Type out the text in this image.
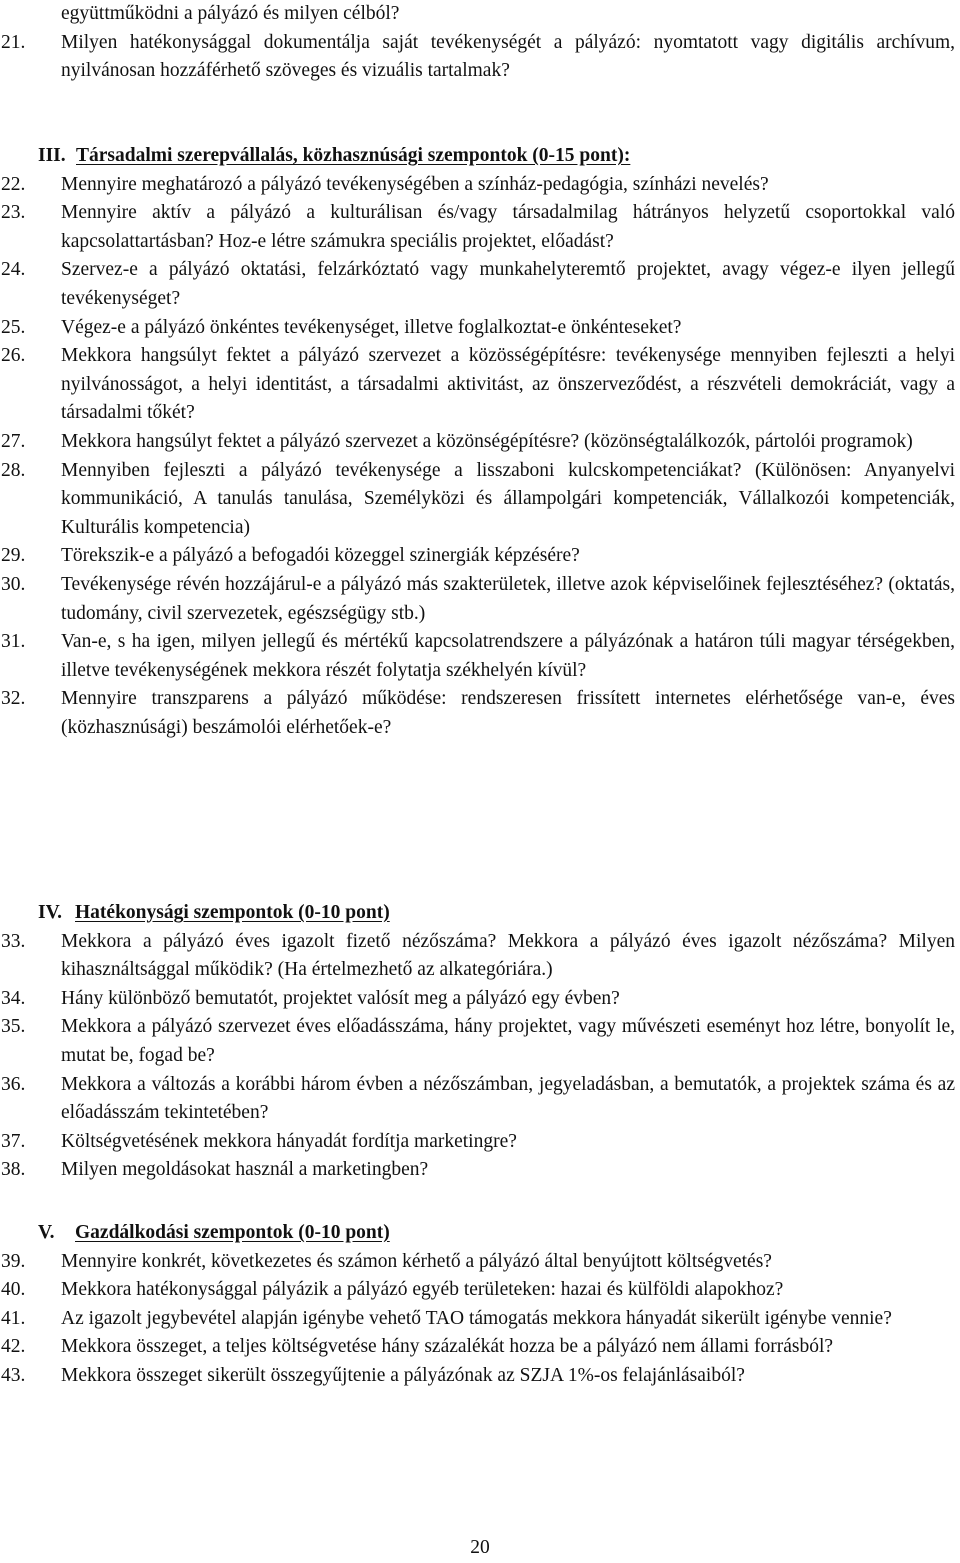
együttműködni a pályázó és milyen célból?
21.	Milyen hatékonysággal dokumentálja saját tevékenységét a pályázó: nyomtatott vagy digitális archívum, nyilvánosan hozzáférhető szöveges és vizuális tartalmak?
III. Társadalmi szerepvállalás, közhasznúsági szempontok (0-15 pont):
22.	Mennyire meghatározó a pályázó tevékenységében a színház-pedagógia, színházi nevelés?
23.	Mennyire aktív a pályázó a kulturálisan és/vagy társadalmilag hátrányos helyzetű csoportokkal való kapcsolattartásban? Hoz-e létre számukra speciális projektet, előadást?
24.	Szervez-e a pályázó oktatási, felzárkóztató vagy munkahelyteremtő projektet, avagy végez-e ilyen jellegű tevékenységet?
25.	Végez-e a pályázó önkéntes tevékenységet, illetve foglalkoztat-e önkénteseket?
26.	Mekkora hangsúlyt fektet a pályázó szervezet a közösségépítésre: tevékenysége mennyiben fejleszti a helyi nyilvánosságot, a helyi identitást, a társadalmi aktivitást, az önszerveződést, a részvételi demokráciát, vagy a társadalmi tőkét?
27.	Mekkora hangsúlyt fektet a pályázó szervezet a közönségépítésre? (közönségtalálkozók, pártolói programok)
28.	Mennyiben fejleszti a pályázó tevékenysége a lisszaboni kulcskompetenciákat? (Különösen: Anyanyelvi kommunikáció, A tanulás tanulása, Személyközi és állampolgári kompetenciák, Vállalkozói kompetenciák, Kulturális kompetencia)
29.	Törekszik-e a pályázó a befogadói közeggel szinergiák képzésére?
30.	Tevékenysége révén hozzájárul-e a pályázó más szakterületek, illetve azok képviselőinek fejlesztéséhez? (oktatás, tudomány, civil szervezetek, egészségügy stb.)
31.	Van-e, s ha igen, milyen jellegű és mértékű kapcsolatrendszere a pályázónak a határon túli magyar térségekben, illetve tevékenységének mekkora részét folytatja székhelyén kívül?
32.	Mennyire transzparens a pályázó működése: rendszeresen frissített internetes elérhetősége van-e, éves (közhasznúsági) beszámolói elérhetőek-e?
IV. Hatékonysági szempontok (0-10 pont)
33.	Mekkora a pályázó éves igazolt fizető nézőszáma? Mekkora a pályázó éves igazolt nézőszáma? Milyen kihasználtsággal működik? (Ha értelmezhető az alkategóriára.)
34.	Hány különböző bemutatót, projektet valósít meg a pályázó egy évben?
35.	Mekkora a pályázó szervezet éves előadásszáma, hány projektet, vagy művészeti eseményt hoz létre, bonyolít le, mutat be, fogad be?
36.	Mekkora a változás a korábbi három évben a nézőszámban, jegyeladásban, a bemutatók, a projektek száma és az előadásszám tekintetében?
37.	Költségvetésének mekkora hányadát fordítja marketingre?
38.	Milyen megoldásokat használ a marketingben?
V.	Gazdálkodási szempontok (0-10 pont)
39.	Mennyire konkrét, következetes és számon kérhető a pályázó által benyújtott költségvetés?
40.	Mekkora hatékonysággal pályázik a pályázó egyéb területeken: hazai és külföldi alapokhoz?
41.	Az igazolt jegybevétel alapján igénybe vehető TAO támogatás mekkora hányadát sikerült igénybe vennie?
42.	Mekkora összeget, a teljes költségvetése hány százalékát hozza be a pályázó nem állami forrásból?
43.	Mekkora összeget sikerült összegyűjtenie a pályázónak az SZJA 1%-os felajánlásaiból?
20
